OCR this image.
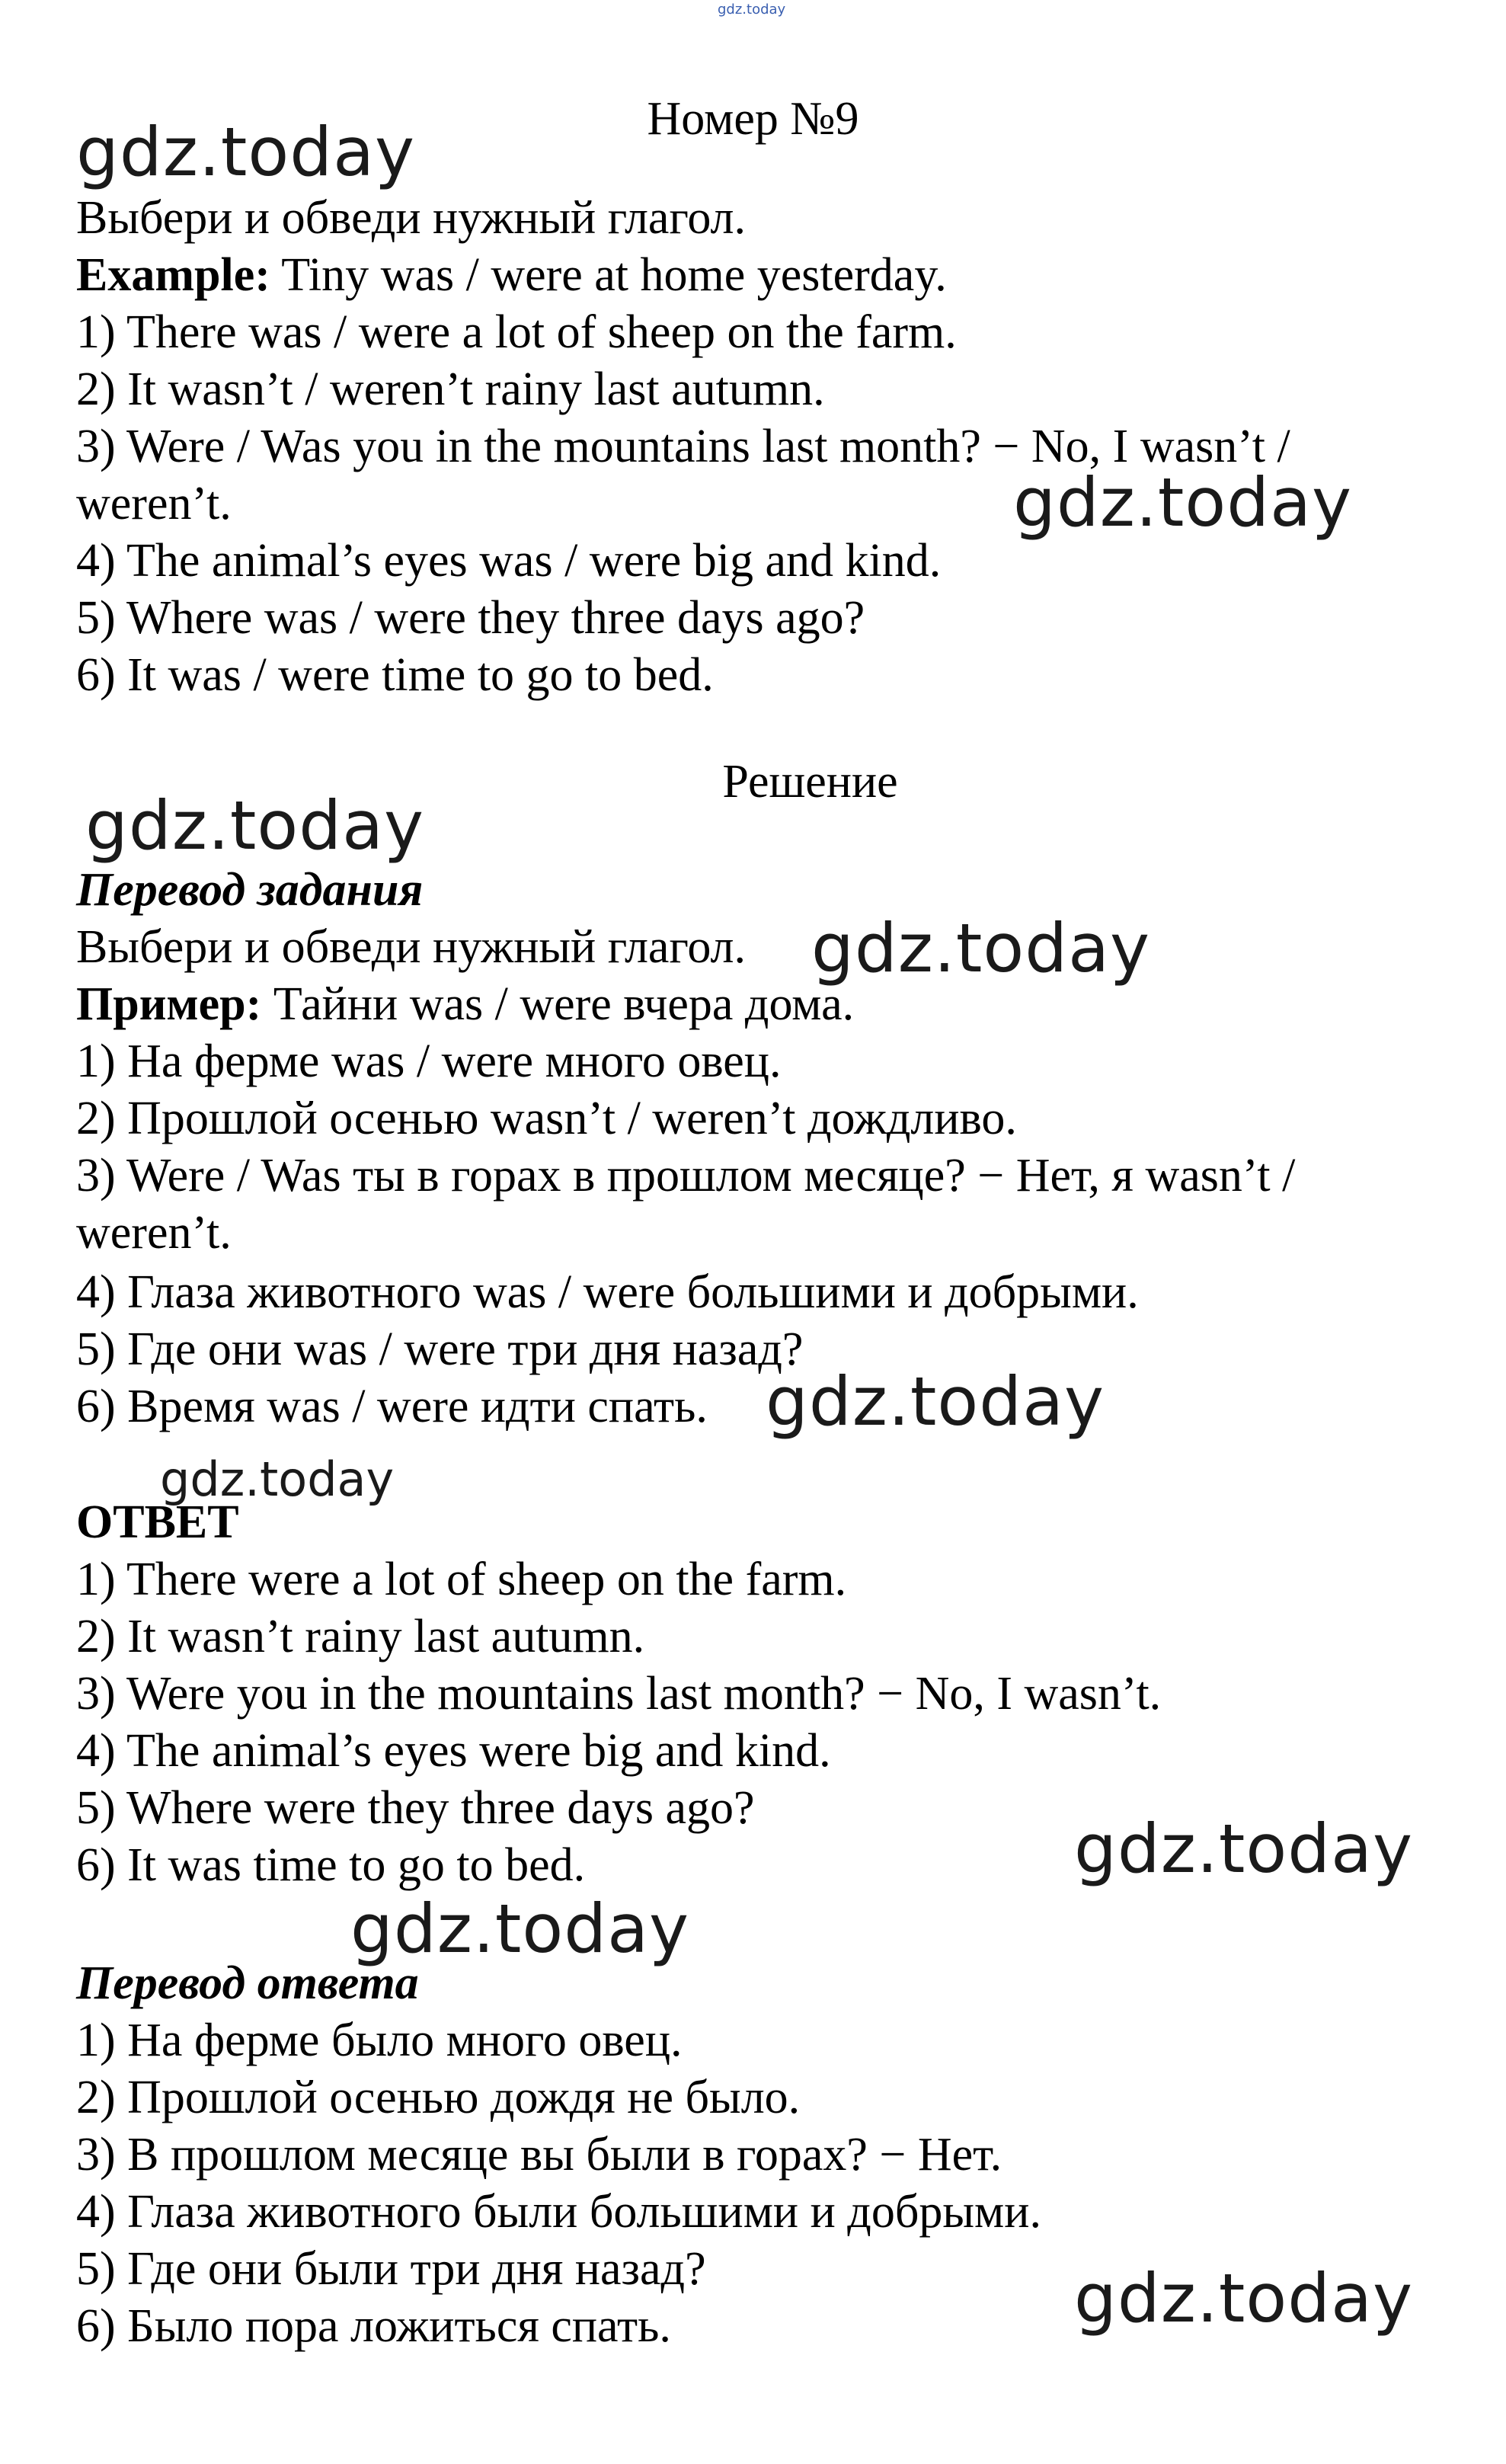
gdz.today
Номер №9
Выбери и обведи нужный глагол.
Example: Tiny was / were at home yesterday.
1) There was / were a lot of sheep on the farm.
2) It wasn’t / weren’t rainy last autumn.
3) Were / Was you in the mountains last month? − No, I wasn’t /
weren’t.
4) The animal’s eyes was / were big and kind.
5) Where was / were they three days ago?
6) It was / were time to go to bed.
Решение
Перевод задания
Выбери и обведи нужный глагол.
Пример: Тайни was / were вчера дома.
1) На ферме was / were много овец.
2) Прошлой осенью wasn’t / weren’t дождливо.
3) Were / Was ты в горах в прошлом месяце? − Нет, я wasn’t /
weren’t.
4) Глаза животного was / were большими и добрыми.
5) Где они was / were три дня назад?
6) Время was / were идти спать.
ОТВЕТ
1) There were a lot of sheep on the farm.
2) It wasn’t rainy last autumn.
3) Were you in the mountains last month? − No, I wasn’t.
4) The animal’s eyes were big and kind.
5) Where were they three days ago?
6) It was time to go to bed.
Перевод ответа
1) На ферме было много овец.
2) Прошлой осенью дождя не было.
3) В прошлом месяце вы были в горах? − Нет.
4) Глаза животного были большими и добрыми.
5) Где они были три дня назад?
6) Было пора ложиться спать.
gdz.today
gdz.today
gdz.today
gdz.today
gdz.today
gdz.today
gdz.today
gdz.today
gdz.today
